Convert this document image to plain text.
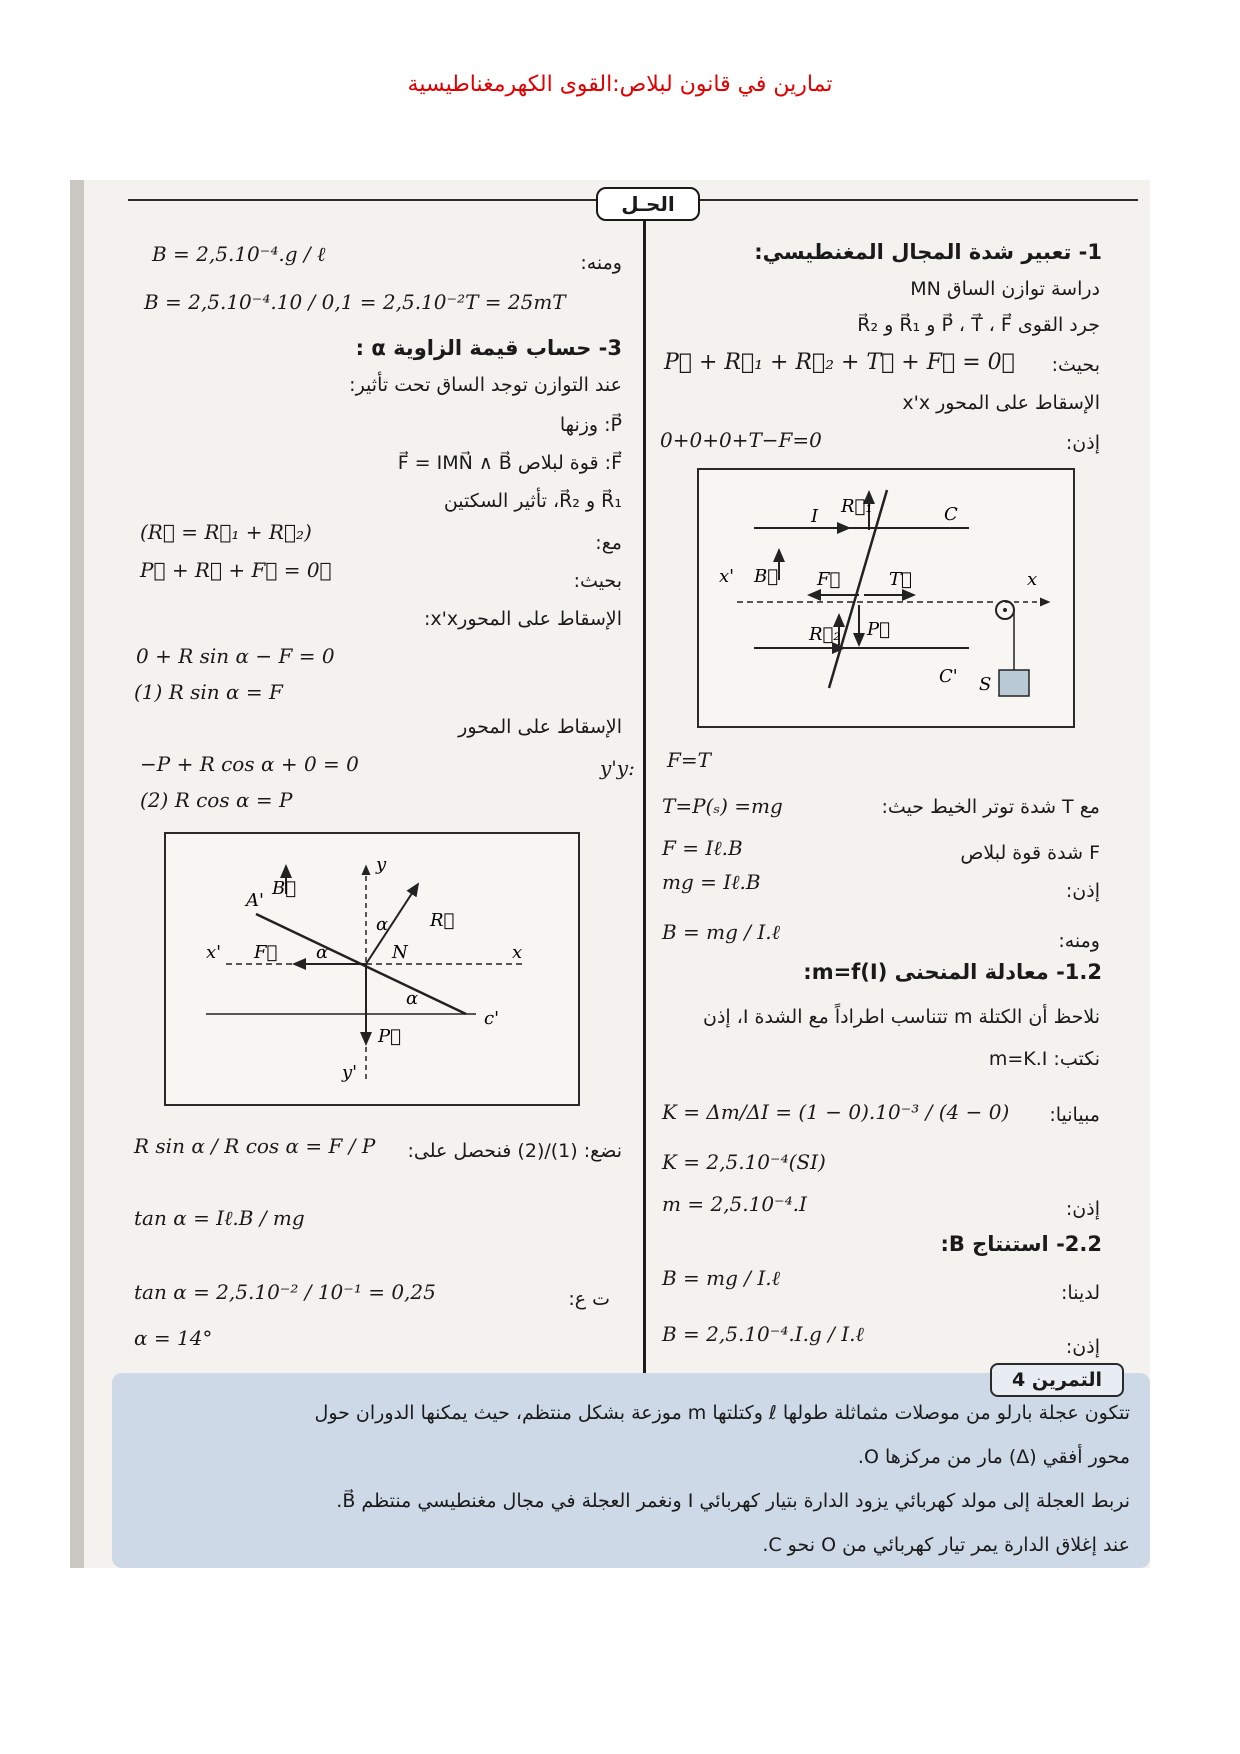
تمارين في قانون لبلاص:القوى الكهرمغناطيسية
الحـل
1- تعبير شدة المجال المغنطيسي:
دراسة توازن الساق MN
جرد القوى P⃗ ، T⃗ ، F⃗ و R⃗₁ و R⃗₂
بحيث:
P⃗ + R⃗₁ + R⃗₂ + T⃗ + F⃗ = 0⃗
الإسقاط على المحور x'x
إذن:
0+0+0+T−F=0
I R⃗₁	C
x' B⃗ F⃗	T⃗	x
R⃗₂ P⃗
C' S
F=T
مع T شدة توتر الخيط حيث:
T=P(ₛ) =mg
F = Iℓ.B	F شدة قوة لبلاص
إذن:
mg = Iℓ.B
ومنه:
B = mg / I.ℓ
1.2- معادلة المنحنى m=f(I):
نلاحظ أن الكتلة m تتناسب اطراداً مع الشدة I، إذن
نكتب: m=K.I
مبيانيا:
K = Δm/ΔI = (1 − 0).10⁻³ / (4 − 0)
K = 2,5.10⁻⁴(SI)
إذن:
m = 2,5.10⁻⁴.I
2.2- استنتاج B:
لدينا:
B = mg / I.ℓ
إذن:
B = 2,5.10⁻⁴.I.g / I.ℓ
ومنه:
B = 2,5.10⁻⁴.g / ℓ
B = 2,5.10⁻⁴.10 / 0,1 = 2,5.10⁻²T = 25mT
3- حساب قيمة الزاوية α :
عند التوازن توجد الساق تحت تأثير:
P⃗: وزنها
F⃗: قوة لبلاص F⃗ = IMN⃗ ∧ B⃗
R⃗₁ و R⃗₂، تأثير السكتين
(R⃗ = R⃗₁ + R⃗₂)	مع:
P⃗ + R⃗ + F⃗ = 0⃗	بحيث:
الإسقاط على المحورx'x:
0 + R sin α − F = 0
(1) R sin α = F
الإسقاط على المحور
−P + R cos α + 0 = 0	y'y:
(2) R cos α = P
y
B⃗
A'
R⃗
α
α
α
x' F⃗	N	x
c'
P⃗
y'
R sin α / R cos α = F / P نضع: (1)/(2) فنحصل على:
tan α = Iℓ.B / mg
tan α = 2,5.10⁻² / 10⁻¹ = 0,25	ت ع:
α = 14°
التمرين 4
تتكون عجلة بارلو من موصلات مثماثلة طولها ℓ وكتلتها m موزعة بشكل منتظم، حيث يمكنها الدوران حول
محور أفقي (Δ) مار من مركزها O.
نربط العجلة إلى مولد كهربائي يزود الدارة بتيار كهربائي I ونغمر العجلة في مجال مغنطيسي منتظم B⃗.
عند إغلاق الدارة يمر تيار كهربائي من O نحو C.
